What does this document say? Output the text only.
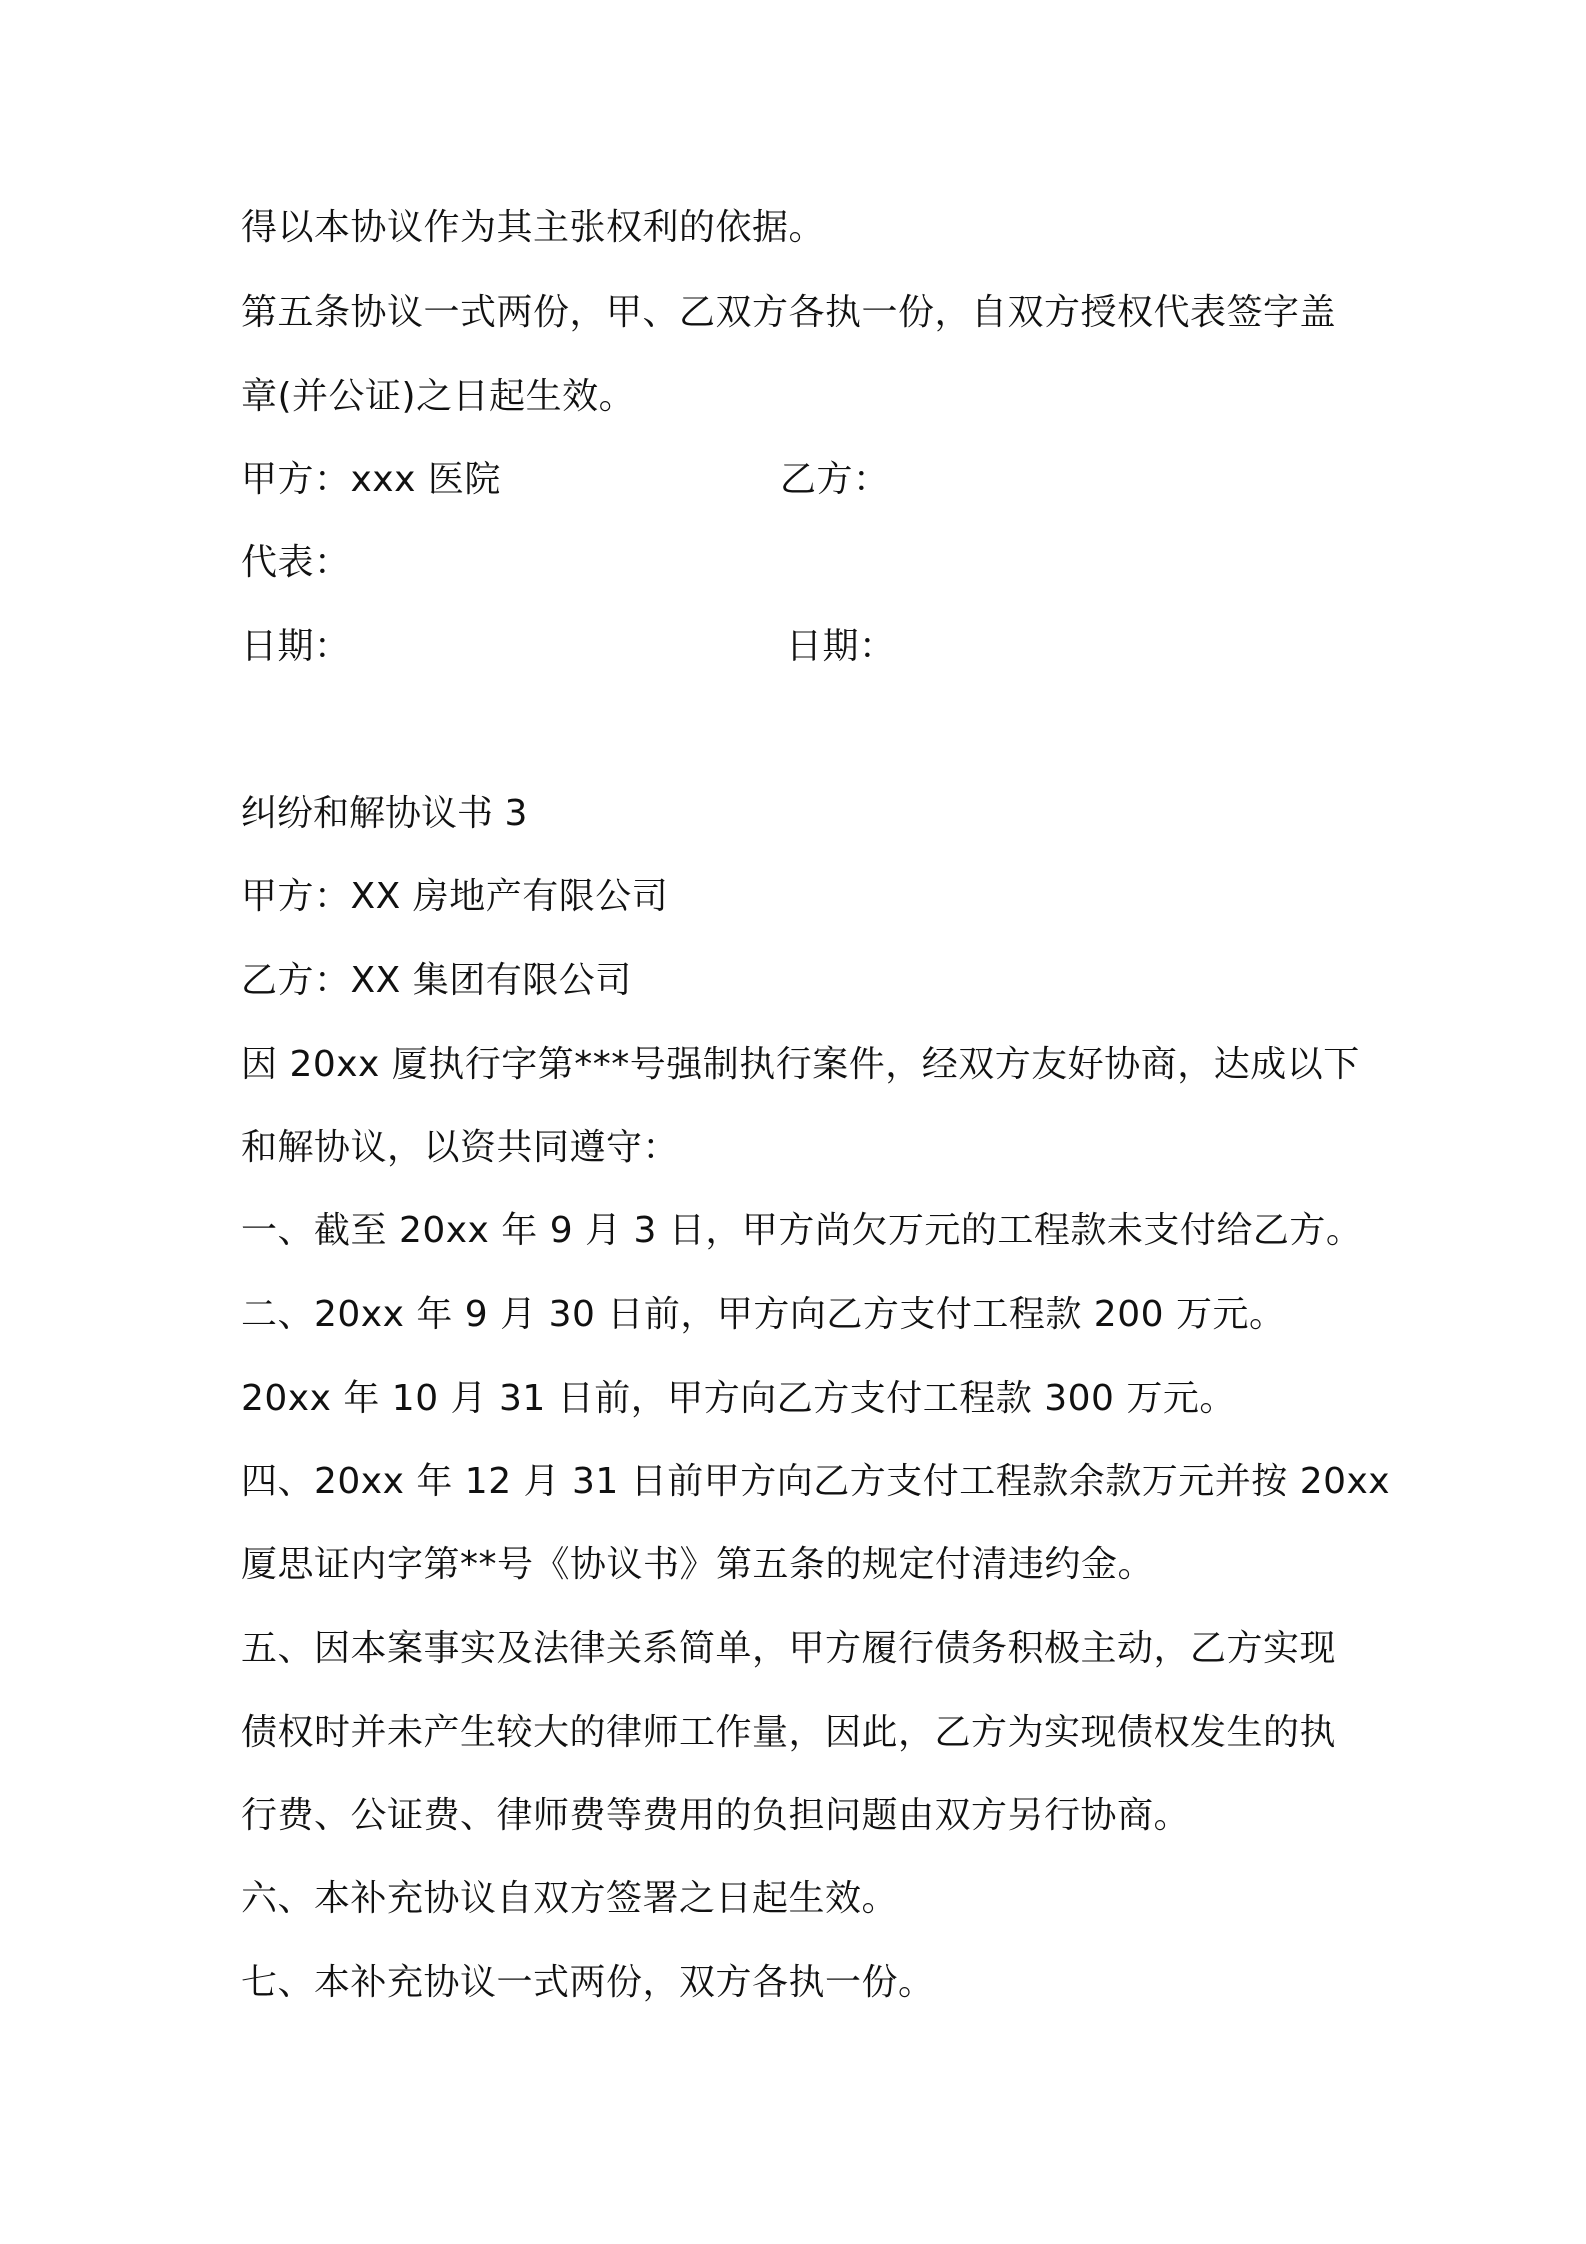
得以本协议作为其主张权利的依据。
第五条协议一式两份，甲、乙双方各执一份，自双方授权代表签字盖
章(并公证)之日起生效。
甲方：xxx 医院	乙方：
代表：
日期：	日期：
纠纷和解协议书 3
甲方：XX 房地产有限公司
乙方：XX 集团有限公司
因 20xx 厦执行字第***号强制执行案件，经双方友好协商，达成以下
和解协议，以资共同遵守：
一、截至 20xx 年 9 月 3 日，甲方尚欠万元的工程款未支付给乙方。
二、20xx 年 9 月 30 日前，甲方向乙方支付工程款 200 万元。
20xx 年 10 月 31 日前，甲方向乙方支付工程款 300 万元。
四、20xx 年 12 月 31 日前甲方向乙方支付工程款余款万元并按 20xx
厦思证内字第**号《协议书》第五条的规定付清违约金。
五、因本案事实及法律关系简单，甲方履行债务积极主动，乙方实现
债权时并未产生较大的律师工作量，因此，乙方为实现债权发生的执
行费、公证费、律师费等费用的负担问题由双方另行协商。
六、本补充协议自双方签署之日起生效。
七、本补充协议一式两份，双方各执一份。
